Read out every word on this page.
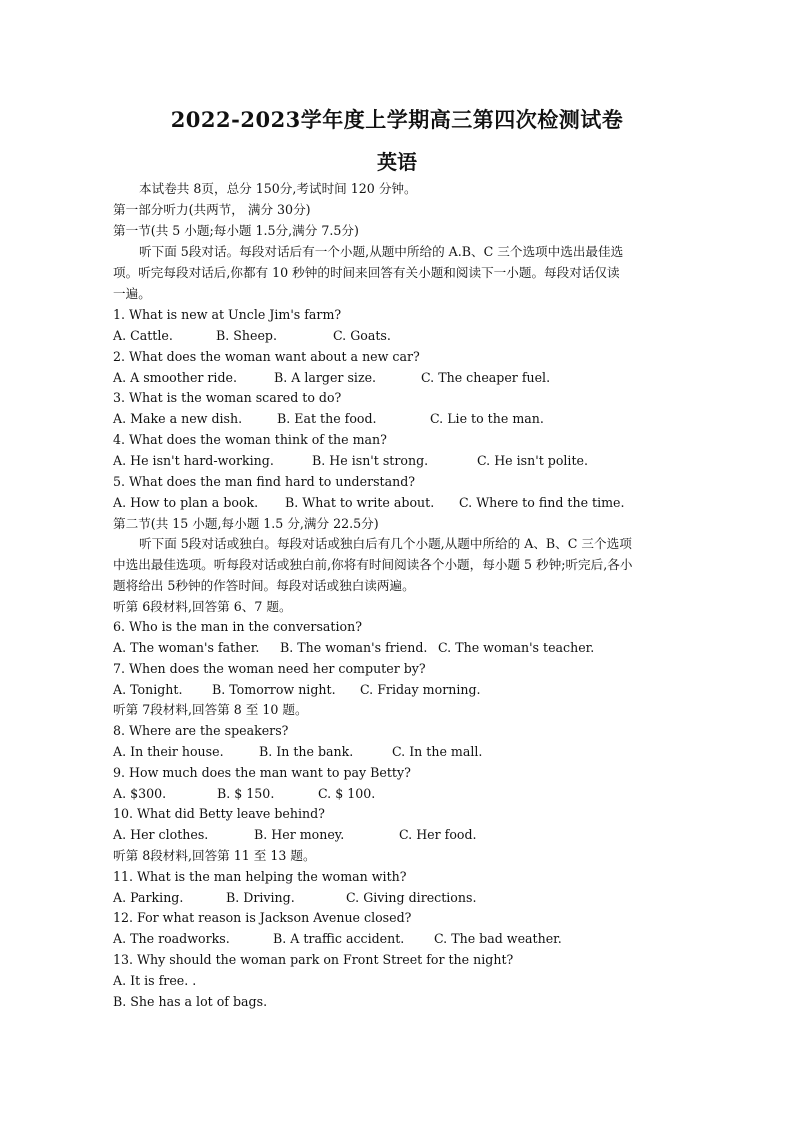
2022-2023学年度上学期高三第四次检测试卷
英语
本试卷共 8页，总分 150分,考试时间 120 分钟。
第一部分听力(共两节， 满分 30分)
第一节(共 5 小题;每小题 1.5分,满分 7.5分)
听下面 5段对话。每段对话后有一个小题,从题中所给的 A.B、C 三个选项中选出最佳选
项。听完每段对话后,你都有 10 秒钟的时间来回答有关小题和阅读下一小题。每段对话仅读
一遍。
1. What is new at Uncle Jim's farm?
A. Cattle.	B. Sheep.	C. Goats.
2. What does the woman want about a new car?
A. A smoother ride.	B. A larger size.	C. The cheaper fuel.
3. What is the woman scared to do?
A. Make a new dish.	B. Eat the food.	C. Lie to the man.
4. What does the woman think of the man?
A. He isn't hard-working.	B. He isn't strong.	C. He isn't polite.
5. What does the man find hard to understand?
A. How to plan a book. B. What to write about. C. Where to find the time.
第二节(共 15 小题,每小题 1.5 分,满分 22.5分)
听下面 5段对话或独白。每段对话或独白后有几个小题,从题中所给的 A、B、C 三个选项
中选出最佳选项。听每段对话或独白前,你将有时间阅读各个小题，每小题 5 秒钟;听完后,各小
题将给出 5秒钟的作答时间。每段对话或独白读两遍。
听第 6段材料,回答第 6、7 题。
6. Who is the man in the conversation?
A. The woman's father. B. The woman's friend. C. The woman's teacher.
7. When does the woman need her computer by?
A. Tonight. B. Tomorrow night. C. Friday morning.
听第 7段材料,回答第 8 至 10 题。
8. Where are the speakers?
A. In their house.	B. In the bank.	C. In the mall.
9. How much does the man want to pay Betty?
A. $300.	B. $ 150.	C. $ 100.
10. What did Betty leave behind?
A. Her clothes.	B. Her money.	C. Her food.
听第 8段材料,回答第 11 至 13 题。
11. What is the man helping the woman with?
A. Parking.	B. Driving.	C. Giving directions.
12. For what reason is Jackson Avenue closed?
A. The roadworks.	B. A traffic accident. C. The bad weather.
13. Why should the woman park on Front Street for the night?
A. It is free. .
B. She has a lot of bags.
